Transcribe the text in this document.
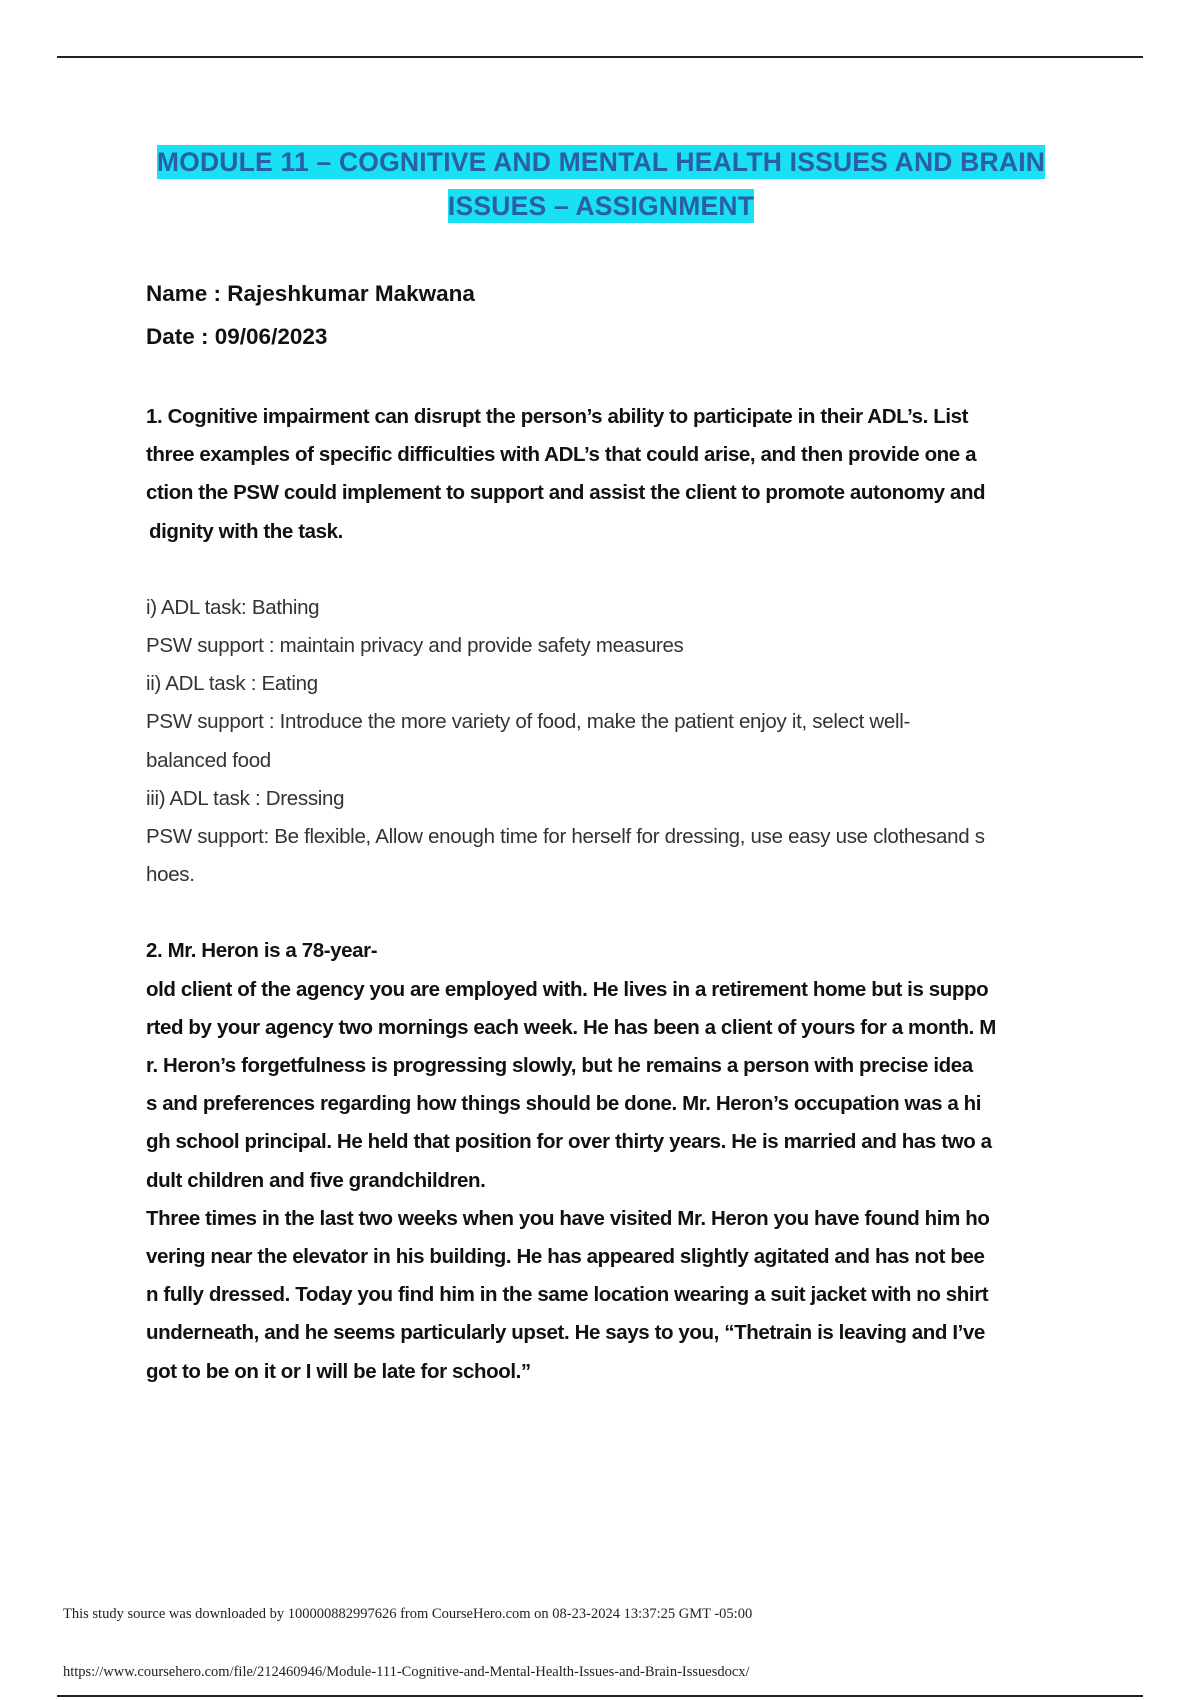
MODULE 11 – COGNITIVE AND MENTAL HEALTH ISSUES AND BRAIN
ISSUES – ASSIGNMENT
Name : Rajeshkumar Makwana
Date : 09/06/2023
1. Cognitive impairment can disrupt the person’s ability to participate in their ADL’s. List
three examples of specific difficulties with ADL’s that could arise, and then provide one a
ction the PSW could implement to support and assist the client to promote autonomy and
dignity with the task.
i) ADL task: Bathing
PSW support : maintain privacy and provide safety measures
ii) ADL task : Eating
PSW support : Introduce the more variety of food, make the patient enjoy it, select well-
balanced food
iii) ADL task : Dressing
PSW support: Be flexible, Allow enough time for herself for dressing, use easy use clothesand s
hoes.
2. Mr. Heron is a 78-year-
old client of the agency you are employed with. He lives in a retirement home but is suppo
rted by your agency two mornings each week. He has been a client of yours for a month. M
r. Heron’s forgetfulness is progressing slowly, but he remains a person with precise idea
s and preferences regarding how things should be done. Mr. Heron’s occupation was a hi
gh school principal. He held that position for over thirty years. He is married and has two a
dult children and five grandchildren.
Three times in the last two weeks when you have visited Mr. Heron you have found him ho
vering near the elevator in his building. He has appeared slightly agitated and has not bee
n fully dressed. Today you find him in the same location wearing a suit jacket with no shirt
underneath, and he seems particularly upset. He says to you, “Thetrain is leaving and I’ve
got to be on it or I will be late for school.”
This study source was downloaded by 100000882997626 from CourseHero.com on 08-23-2024 13:37:25 GMT -05:00
https://www.coursehero.com/file/212460946/Module-111-Cognitive-and-Mental-Health-Issues-and-Brain-Issuesdocx/
